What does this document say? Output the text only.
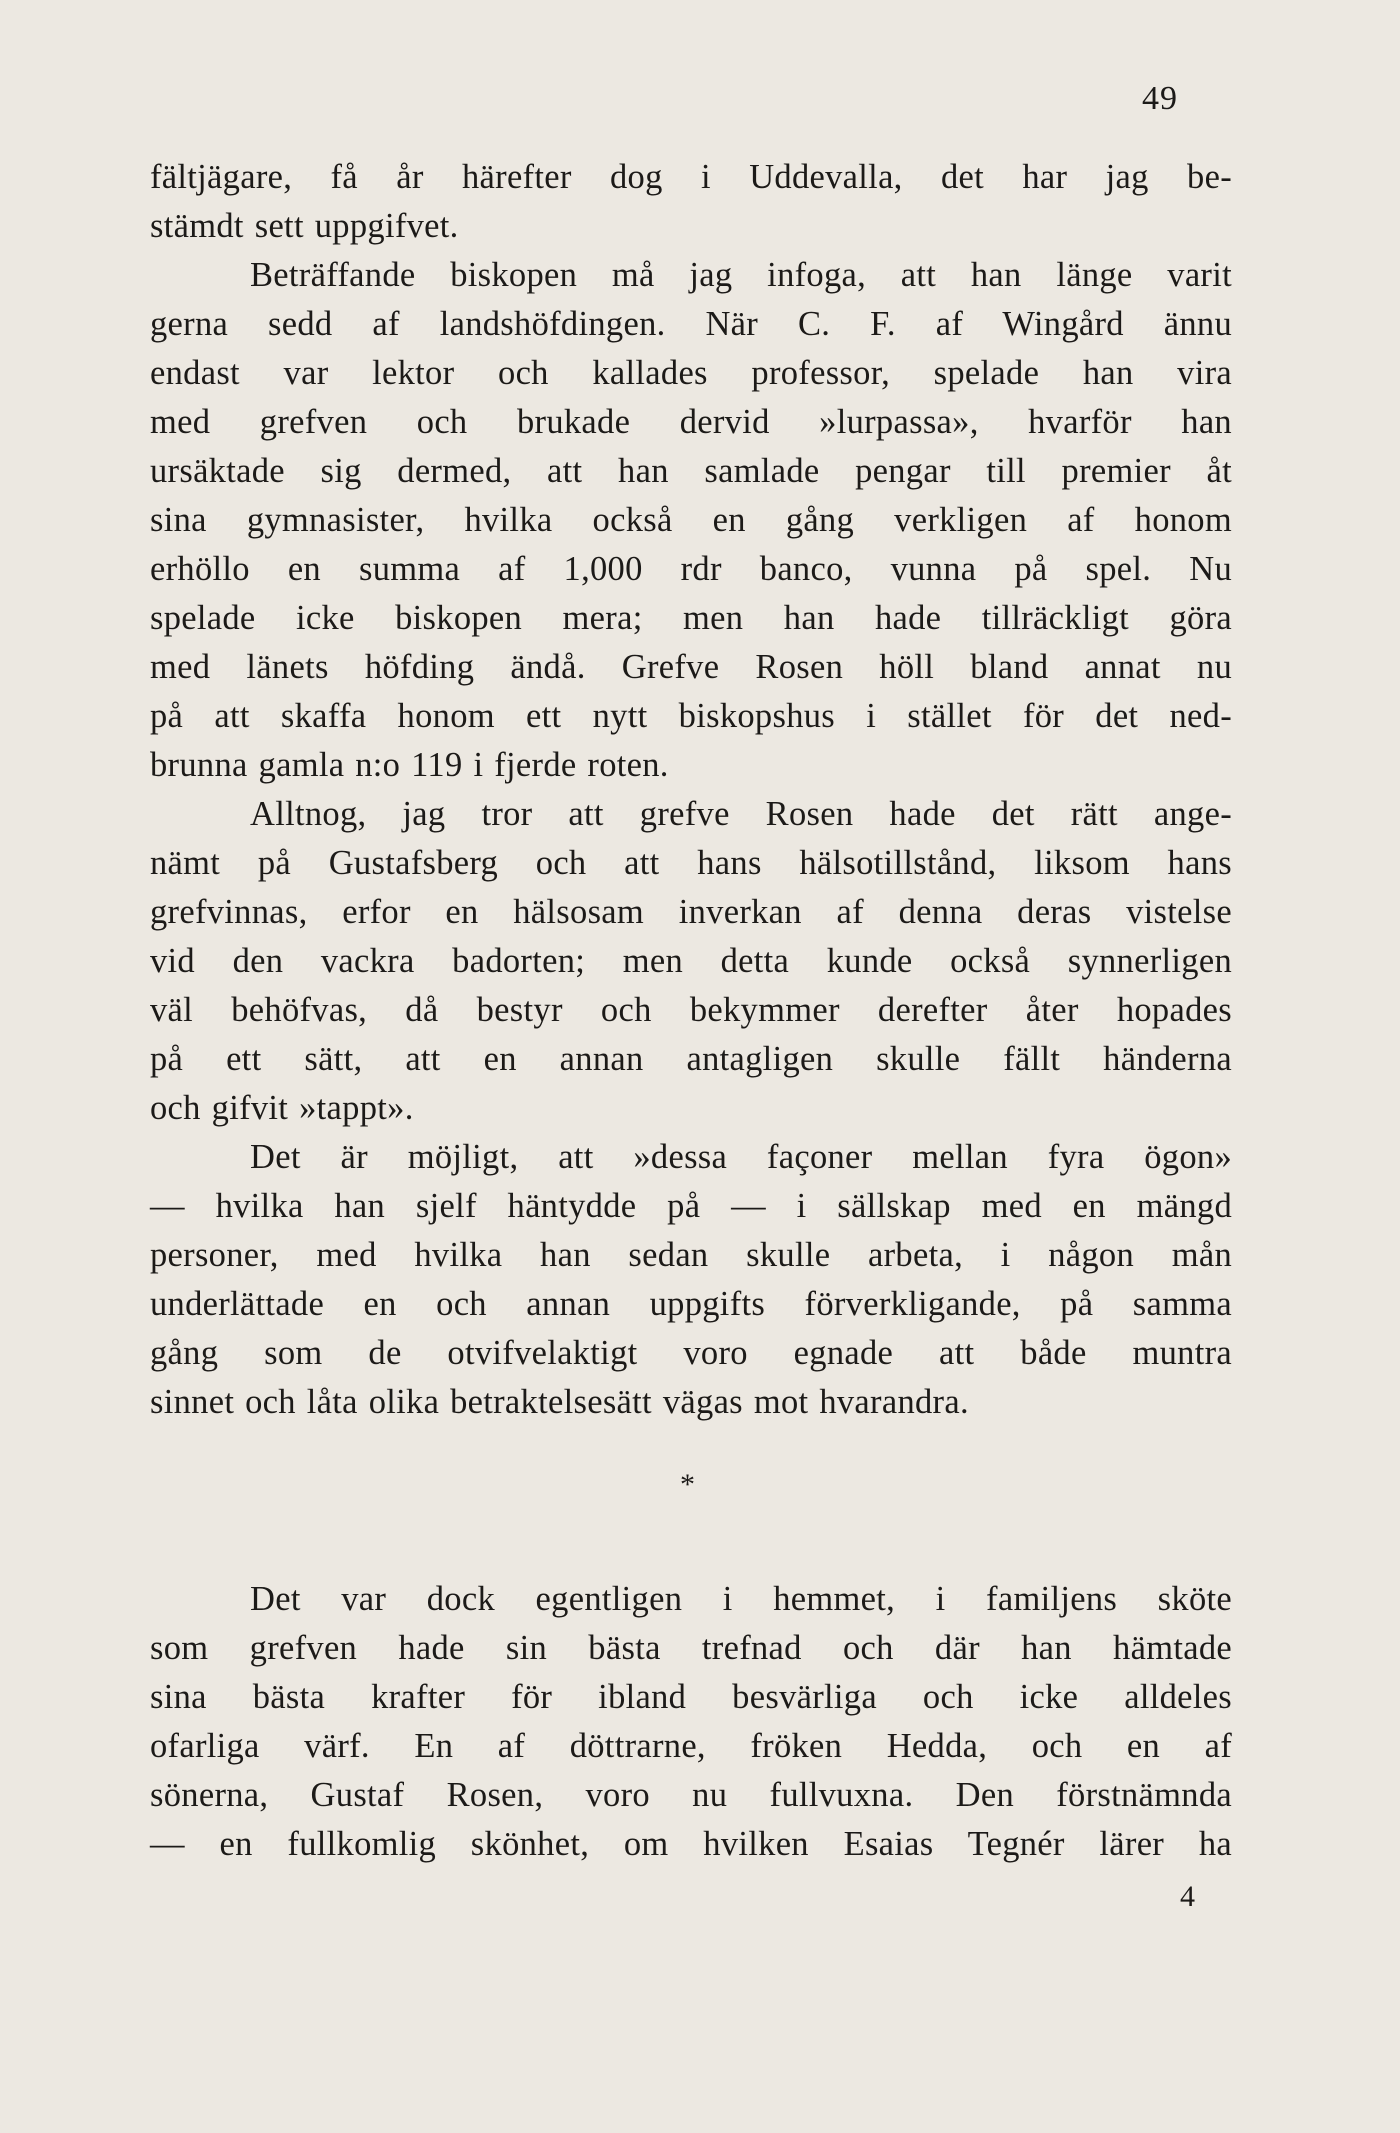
49
fältjägare, få år härefter dog i Uddevalla, det har jag be-
stämdt sett uppgifvet.
Beträffande biskopen må jag infoga, att han länge varit
gerna sedd af landshöfdingen. När C. F. af Wingård ännu
endast var lektor och kallades professor, spelade han vira
med grefven och brukade dervid »lurpassa», hvarför han
ursäktade sig dermed, att han samlade pengar till premier åt
sina gymnasister, hvilka också en gång verkligen af honom
erhöllo en summa af 1,000 rdr banco, vunna på spel. Nu
spelade icke biskopen mera; men han hade tillräckligt göra
med länets höfding ändå. Grefve Rosen höll bland annat nu
på att skaffa honom ett nytt biskopshus i stället för det ned-
brunna gamla n:o 119 i fjerde roten.
Alltnog, jag tror att grefve Rosen hade det rätt ange-
nämt på Gustafsberg och att hans hälsotillstånd, liksom hans
grefvinnas, erfor en hälsosam inverkan af denna deras vistelse
vid den vackra badorten; men detta kunde också synnerligen
väl behöfvas, då bestyr och bekymmer derefter åter hopades
på ett sätt, att en annan antagligen skulle fällt händerna
och gifvit »tappt».
Det är möjligt, att »dessa façoner mellan fyra ögon»
— hvilka han sjelf häntydde på — i sällskap med en mängd
personer, med hvilka han sedan skulle arbeta, i någon mån
underlättade en och annan uppgifts förverkligande, på samma
gång som de otvifvelaktigt voro egnade att både muntra
sinnet och låta olika betraktelsesätt vägas mot hvarandra.
*
Det var dock egentligen i hemmet, i familjens sköte
som grefven hade sin bästa trefnad och där han hämtade
sina bästa krafter för ibland besvärliga och icke alldeles
ofarliga värf. En af döttrarne, fröken Hedda, och en af
sönerna, Gustaf Rosen, voro nu fullvuxna. Den förstnämnda
— en fullkomlig skönhet, om hvilken Esaias Tegnér lärer ha
4
